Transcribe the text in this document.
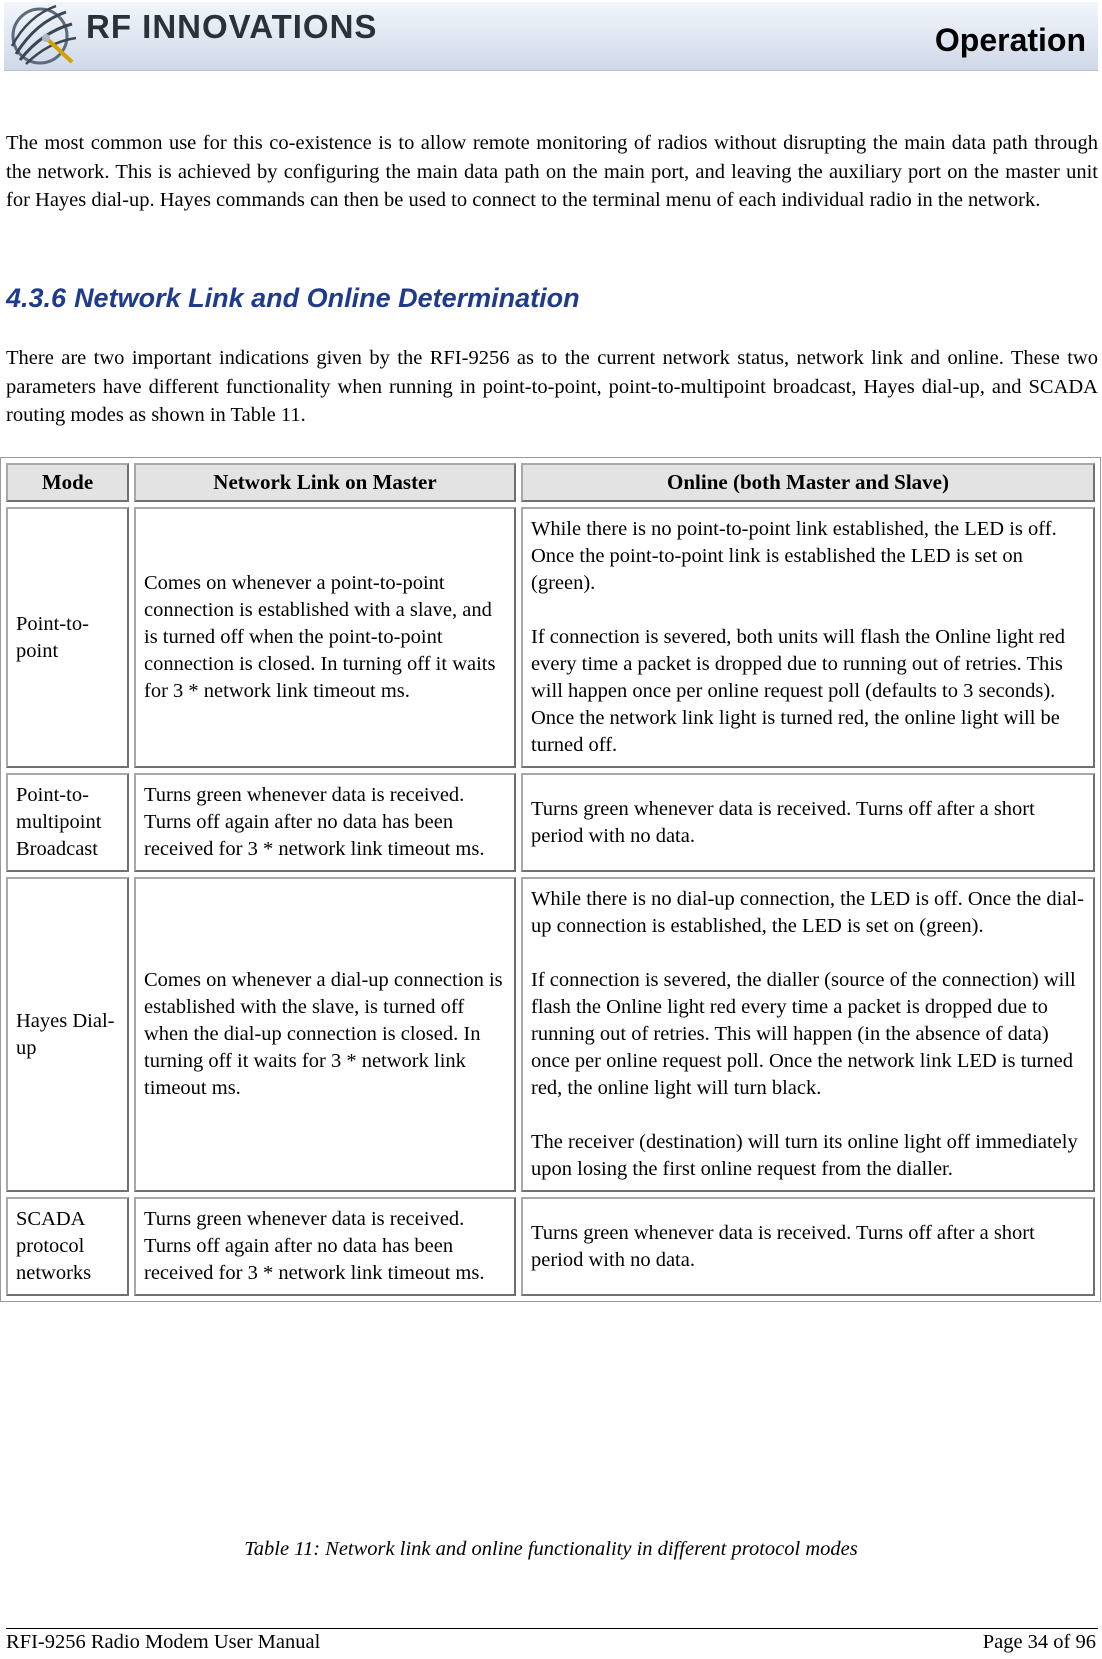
RF INNOVATIONS	Operation

The most common use for this co-existence is to allow remote monitoring of radios without disrupting the main data path through the network. This is achieved by configuring the main data path on the main port, and leaving the auxiliary port on the master unit for Hayes dial-up. Hayes commands can then be used to connect to the terminal menu of each individual radio in the network.

4.3.6 Network Link and Online Determination

There are two important indications given by the RFI-9256 as to the current network status, network link and online. These two parameters have different functionality when running in point-to-point, point-to-multipoint broadcast, Hayes dial-up, and SCADA routing modes as shown in Table 11.

Mode	Network Link on Master	Online (both Master and Slave)
Point-to-point	Comes on whenever a point-to-point connection is established with a slave, and is turned off when the point-to-point connection is closed. In turning off it waits for 3 * network link timeout ms.	While there is no point-to-point link established, the LED is off. Once the point-to-point link is established the LED is set on (green).

If connection is severed, both units will flash the Online light red every time a packet is dropped due to running out of retries. This will happen once per online request poll (defaults to 3 seconds). Once the network link light is turned red, the online light will be turned off.

Point-to-multipoint Broadcast	Turns green whenever data is received. Turns off again after no data has been received for 3 * network link timeout ms.	Turns green whenever data is received. Turns off after a short period with no data.

Hayes Dial-up	Comes on whenever a dial-up connection is established with the slave, is turned off when the dial-up connection is closed. In turning off it waits for 3 * network link timeout ms.	While there is no dial-up connection, the LED is off. Once the dial-up connection is established, the LED is set on (green).

If connection is severed, the dialler (source of the connection) will flash the Online light red every time a packet is dropped due to running out of retries. This will happen (in the absence of data) once per online request poll. Once the network link LED is turned red, the online light will turn black.

The receiver (destination) will turn its online light off immediately upon losing the first online request from the dialler.

SCADA protocol networks	Turns green whenever data is received. Turns off again after no data has been received for 3 * network link timeout ms.	Turns green whenever data is received. Turns off after a short period with no data.

Table 11: Network link and online functionality in different protocol modes

RFI-9256 Radio Modem User Manual	Page 34 of 96
